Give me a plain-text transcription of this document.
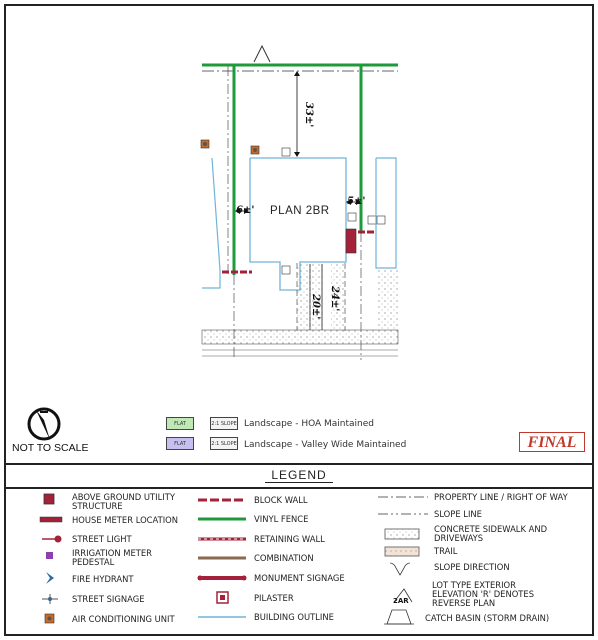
2AR
PLAN 2BR
33±'
6±'
5±'
20±' 24±'
NOT TO SCALE
FLAT	2:1 SLOPE Landscape - HOA Maintained
FLAT	2:1 SLOPE Landscape - Valley Wide Maintained	FINAL
LEGEND
ABOVE GROUND UTILITY STRUCTURE
HOUSE METER LOCATION
STREET LIGHT
IRRIGATION METER PEDESTAL
FIRE HYDRANT
STREET SIGNAGE
AIR CONDITIONING UNIT
BLOCK WALL
VINYL FENCE
RETAINING WALL
COMBINATION
MONUMENT SIGNAGE
PILASTER
BUILDING OUTLINE
PROPERTY LINE / RIGHT OF WAY
SLOPE LINE
CONCRETE SIDEWALK AND DRIVEWAYS
TRAIL
SLOPE DIRECTION
LOT TYPE EXTERIOR ELEVATION 'R' DENOTES REVERSE PLAN
CATCH BASIN (STORM DRAIN)
